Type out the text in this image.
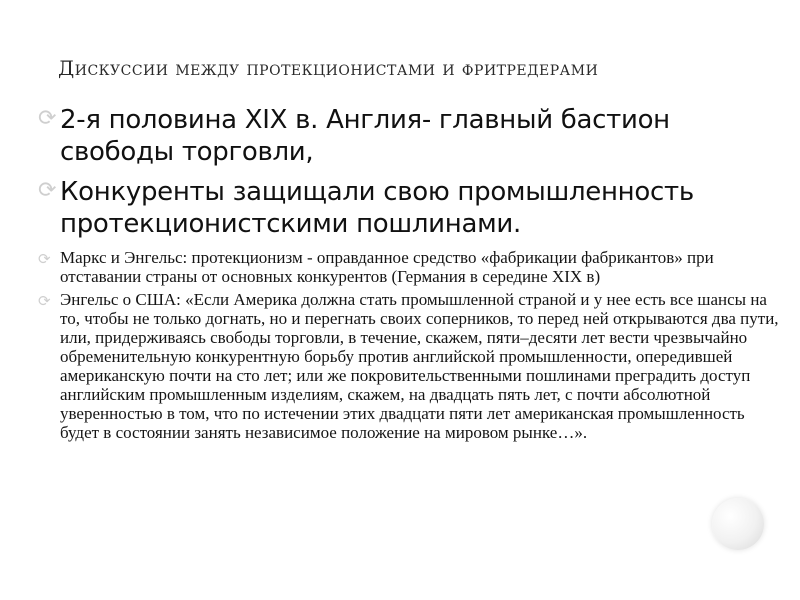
Дискуссии между протекционистами и фритредерами
⟳ 2-я половина XIX в. Англия- главный бастион свободы торговли,
⟳ Конкуренты защищали свою промышленность протекционистскими пошлинами.
⟳ Маркс и Энгельс: протекционизм - оправданное средство «фабрикации фабрикантов» при отставании страны от основных конкурентов (Германия в середине XIX в)
⟳ Энгельс о США: «Если Америка должна стать промышленной страной и у нее есть все шансы на то, чтобы не только догнать, но и перегнать своих соперников, то перед ней открываются два пути, или, придерживаясь свободы торговли, в течение, скажем, пяти–десяти лет вести чрезвычайно обременительную конкурентную борьбу против английской промышленности, опередившей американскую почти на сто лет; или же покровительственными пошлинами преградить доступ английским промышленным изделиям, скажем, на двадцать пять лет, с почти абсолютной уверенностью в том, что по истечении этих двадцати пяти лет американская промышленность будет в состоянии занять независимое положение на мировом рынке…».
